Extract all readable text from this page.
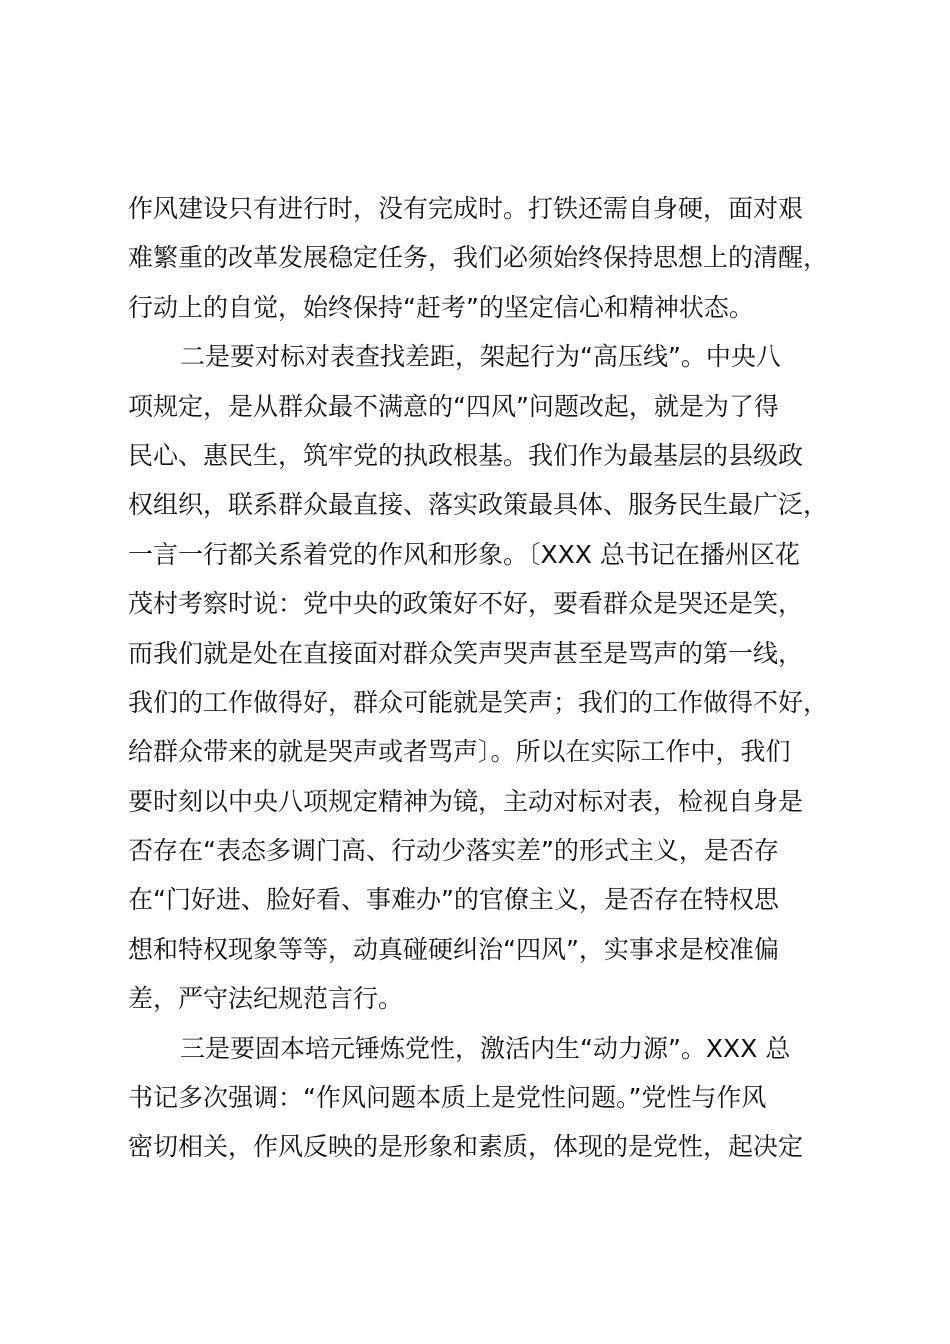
作风建设只有进行时，没有完成时。打铁还需自身硬，面对艰
难繁重的改革发展稳定任务，我们必须始终保持思想上的清醒，
行动上的自觉，始终保持“赶考”的坚定信心和精神状态。
二是要对标对表查找差距，架起行为“高压线”。中央八
项规定，是从群众最不满意的“四风”问题改起，就是为了得
民心、惠民生，筑牢党的执政根基。我们作为最基层的县级政
权组织，联系群众最直接、落实政策最具体、服务民生最广泛，
一言一行都关系着党的作风和形象。〔XXX 总书记在播州区花
茂村考察时说：党中央的政策好不好，要看群众是哭还是笑，
而我们就是处在直接面对群众笑声哭声甚至是骂声的第一线，
我们的工作做得好，群众可能就是笑声；我们的工作做得不好，
给群众带来的就是哭声或者骂声〕。所以在实际工作中，我们
要时刻以中央八项规定精神为镜，主动对标对表，检视自身是
否存在“表态多调门高、行动少落实差”的形式主义，是否存
在“门好进、脸好看、事难办”的官僚主义，是否存在特权思
想和特权现象等等，动真碰硬纠治“四风”，实事求是校准偏
差，严守法纪规范言行。
三是要固本培元锤炼党性，激活内生“动力源”。XXX 总
书记多次强调：“作风问题本质上是党性问题。”党性与作风
密切相关，作风反映的是形象和素质，体现的是党性，起决定
